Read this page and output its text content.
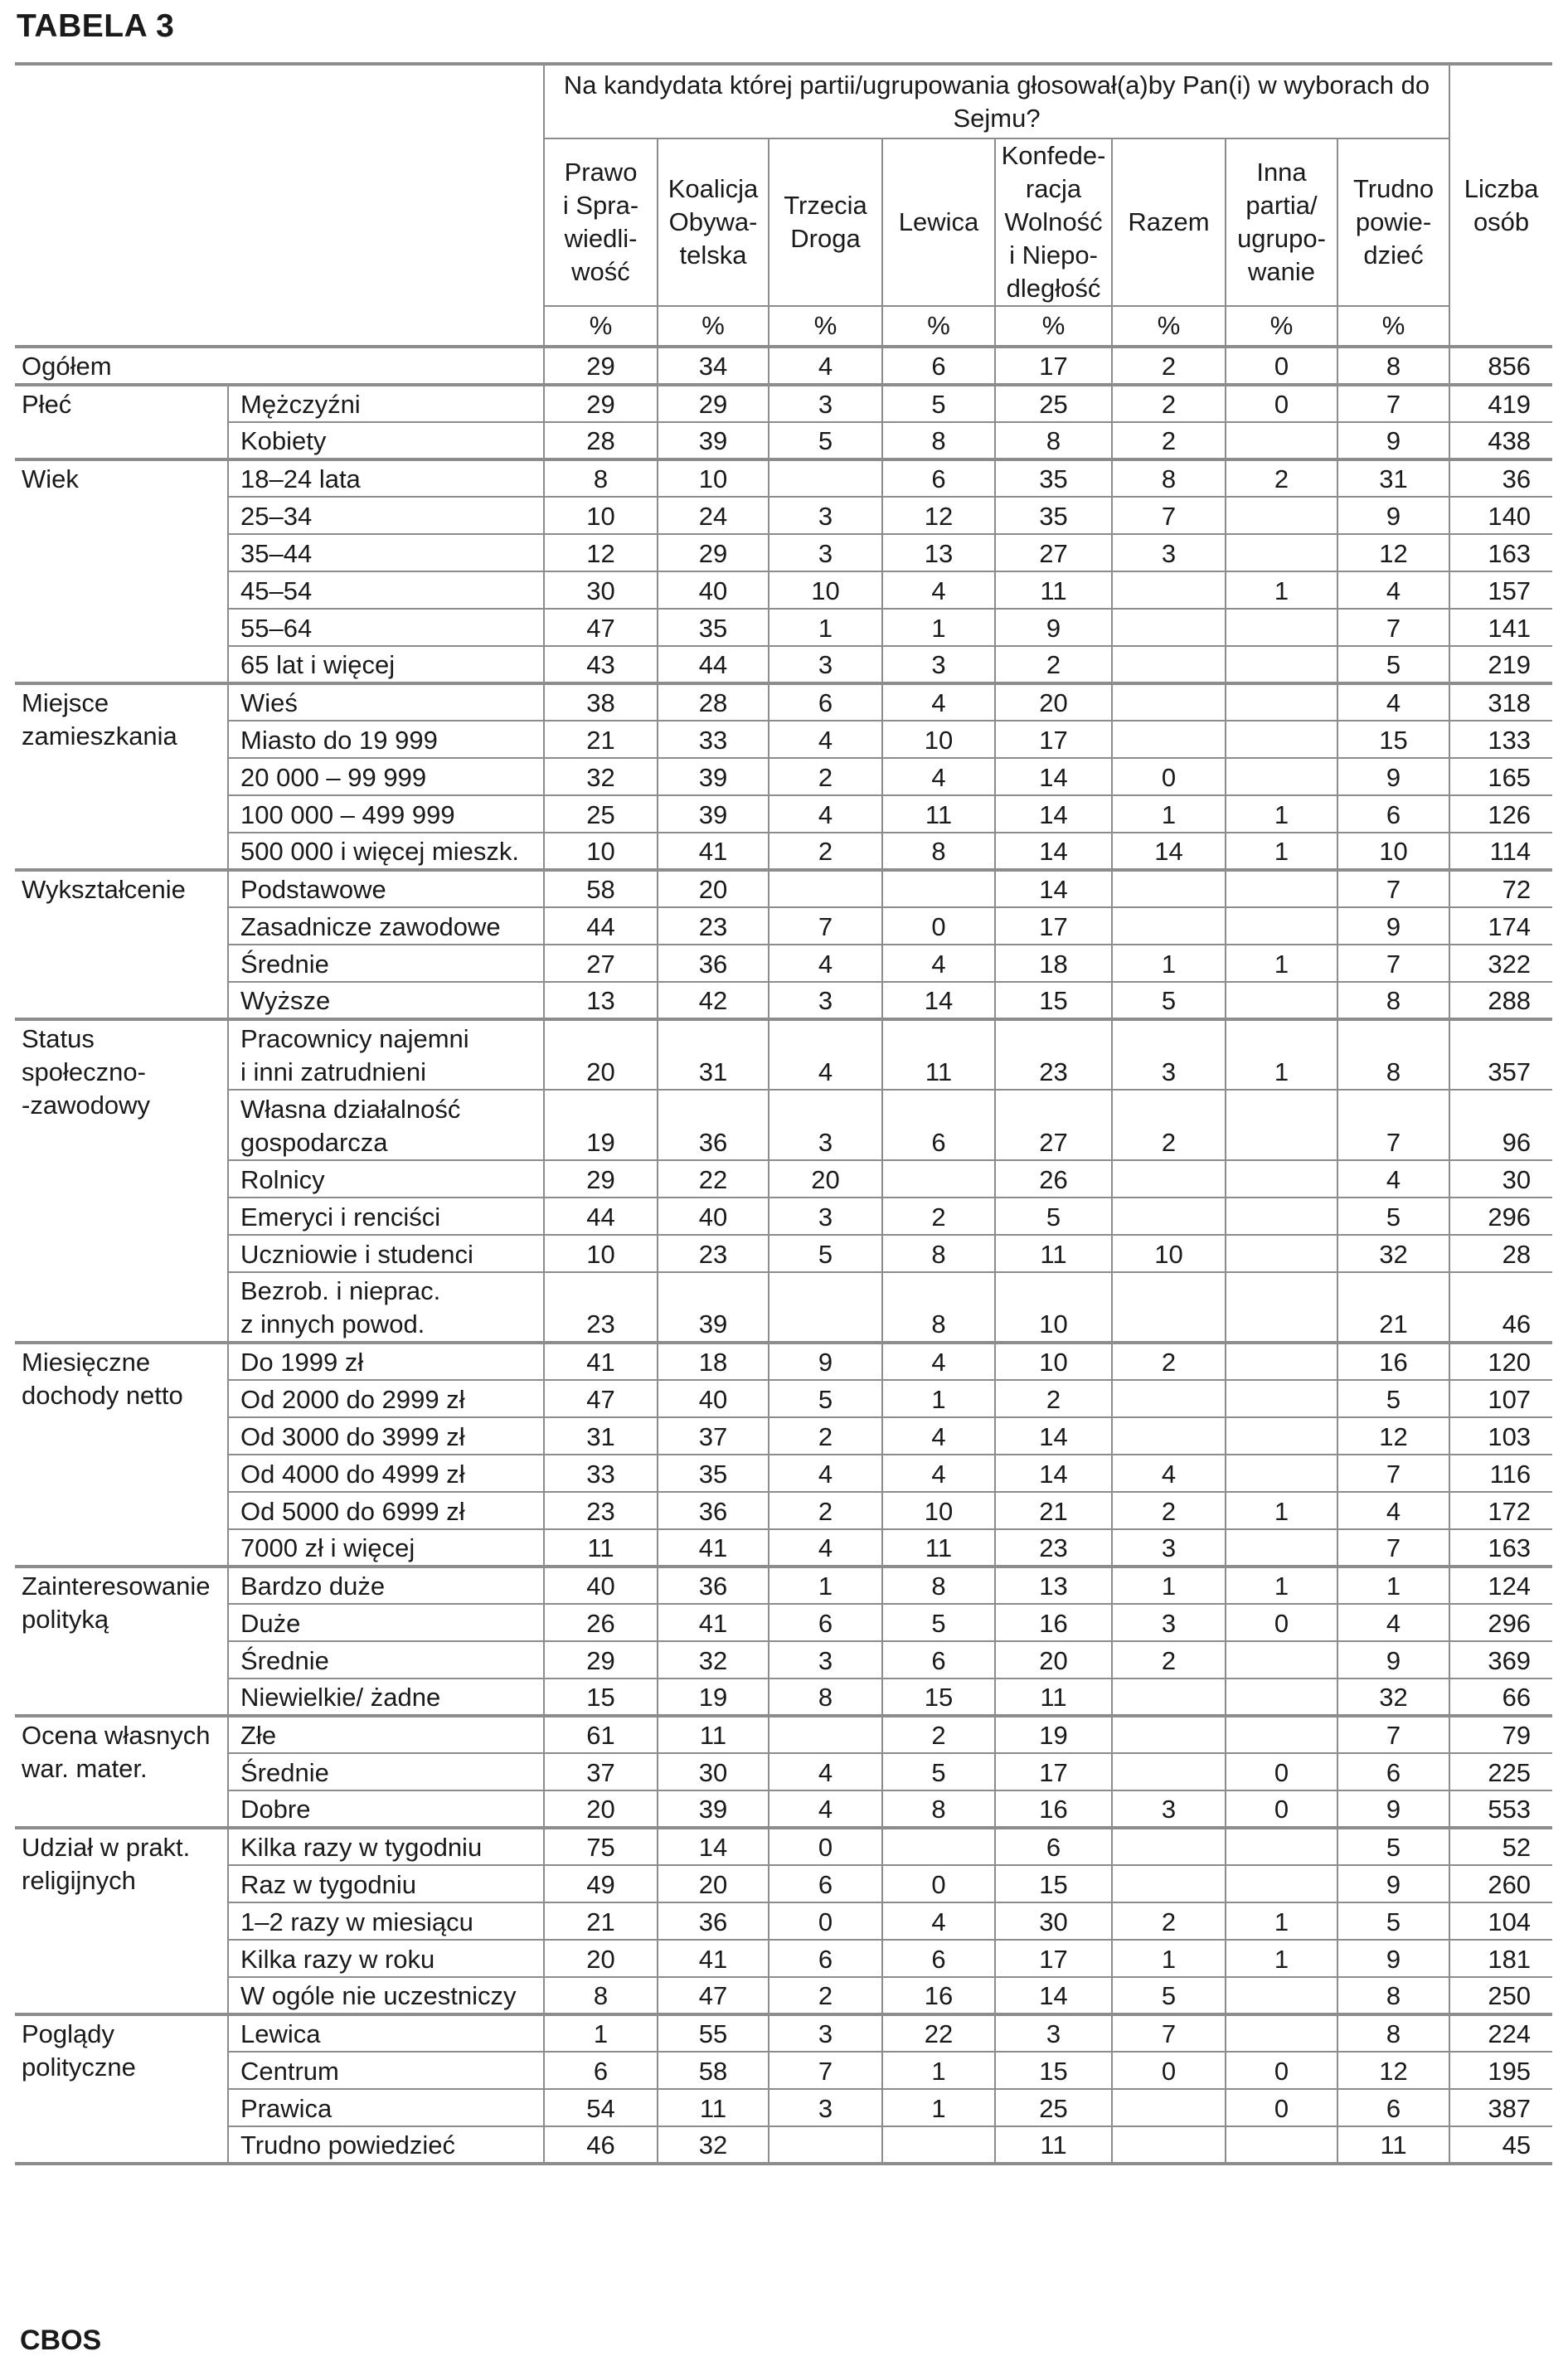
TABELA 3
		Na kandydata której partii/ugrupowania głosował(a)by Pan(i) w wyborach do Sejmu?								Liczba
osób
		Prawo
i Spra-
wiedli-
wość	Koalicja
Obywa-
telska	Trzecia
Droga	Lewica	Konfede-
racja
Wolność
i Niepo-
dległość	Razem	Inna
partia/
ugrupo-
wanie	Trudno
powie-
dzieć	
		%	%	%	%	%	%	%	%	
Ogółem		29	34	4	6	17	2	0	8	856
Płeć	Mężczyźni	29	29	3	5	25	2	0	7	419
	Kobiety	28	39	5	8	8	2		9	438
Wiek	18–24 lata	8	10		6	35	8	2	31	36
	25–34	10	24	3	12	35	7		9	140
	35–44	12	29	3	13	27	3		12	163
	45–54	30	40	10	4	11		1	4	157
	55–64	47	35	1	1	9			7	141
	65 lat i więcej	43	44	3	3	2			5	219
Miejsce
zamieszkania	Wieś	38	28	6	4	20			4	318
	Miasto do 19 999	21	33	4	10	17			15	133
	20 000 – 99 999	32	39	2	4	14	0		9	165
	100 000 – 499 999	25	39	4	11	14	1	1	6	126
	500 000 i więcej mieszk.	10	41	2	8	14	14	1	10	114
Wykształcenie	Podstawowe	58	20			14			7	72
	Zasadnicze zawodowe	44	23	7	0	17			9	174
	Średnie	27	36	4	4	18	1	1	7	322
	Wyższe	13	42	3	14	15	5		8	288
Status
społeczno-
-zawodowy	Pracownicy najemni
i inni zatrudnieni	20	31	4	11	23	3	1	8	357
	Własna działalność
gospodarcza	19	36	3	6	27	2		7	96
	Rolnicy	29	22	20		26			4	30
	Emeryci i renciści	44	40	3	2	5			5	296
	Uczniowie i studenci	10	23	5	8	11	10		32	28
	Bezrob. i nieprac.
z innych powod.	23	39		8	10			21	46
Miesięczne
dochody netto	Do 1999 zł	41	18	9	4	10	2		16	120
	Od 2000 do 2999 zł	47	40	5	1	2			5	107
	Od 3000 do 3999 zł	31	37	2	4	14			12	103
	Od 4000 do 4999 zł	33	35	4	4	14	4		7	116
	Od 5000 do 6999 zł	23	36	2	10	21	2	1	4	172
	7000 zł i więcej	11	41	4	11	23	3		7	163
Zainteresowanie
polityką	Bardzo duże	40	36	1	8	13	1	1	1	124
	Duże	26	41	6	5	16	3	0	4	296
	Średnie	29	32	3	6	20	2		9	369
	Niewielkie/ żadne	15	19	8	15	11			32	66
Ocena własnych
war. mater.	Złe	61	11		2	19			7	79
	Średnie	37	30	4	5	17		0	6	225
	Dobre	20	39	4	8	16	3	0	9	553
Udział w prakt.
religijnych	Kilka razy w tygodniu	75	14	0		6			5	52
	Raz w tygodniu	49	20	6	0	15			9	260
	1–2 razy w miesiącu	21	36	0	4	30	2	1	5	104
	Kilka razy w roku	20	41	6	6	17	1	1	9	181
	W ogóle nie uczestniczy	8	47	2	16	14	5		8	250
Poglądy
polityczne	Lewica	1	55	3	22	3	7		8	224
	Centrum	6	58	7	1	15	0	0	12	195
	Prawica	54	11	3	1	25		0	6	387
	Trudno powiedzieć	46	32			11			11	45
CBOS
